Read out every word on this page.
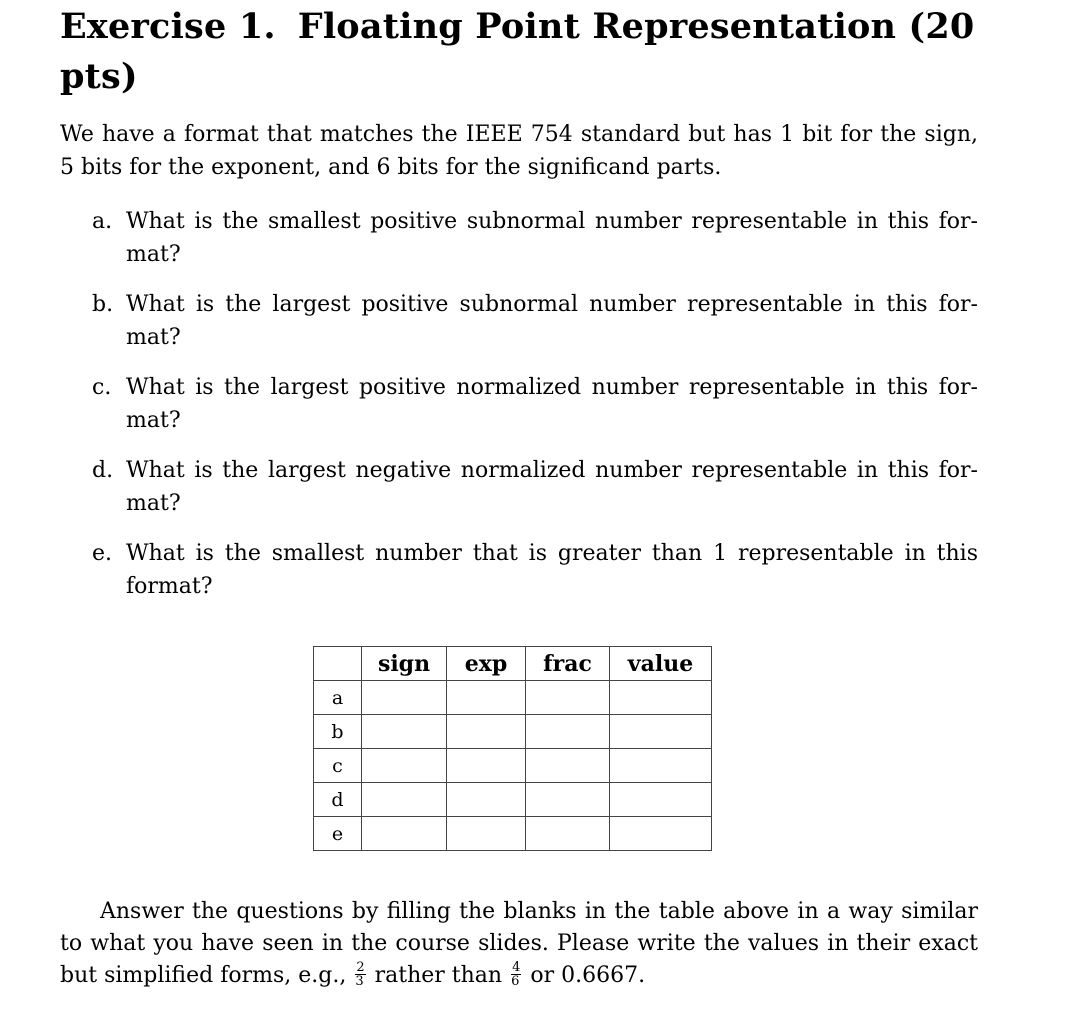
Exercise 1. Floating Point Representation (20 pts)
We have a format that matches the IEEE 754 standard but has 1 bit for the sign, 5 bits for the exponent, and 6 bits for the significand parts.
a. What is the smallest positive subnormal number representable in this for-mat?
b. What is the largest positive subnormal number representable in this for-mat?
c. What is the largest positive normalized number representable in this for-mat?
d. What is the largest negative normalized number representable in this for-mat?
e. What is the smallest number that is greater than 1 representable in this format?
	sign	exp	frac	value
a				
b				
c				
d				
e				
Answer the questions by filling the blanks in the table above in a way similar to what you have seen in the course slides. Please write the values in their exact but simplified forms, e.g., $\frac{2}{3}$ rather than $\frac{4}{6}$ or 0.6667.
